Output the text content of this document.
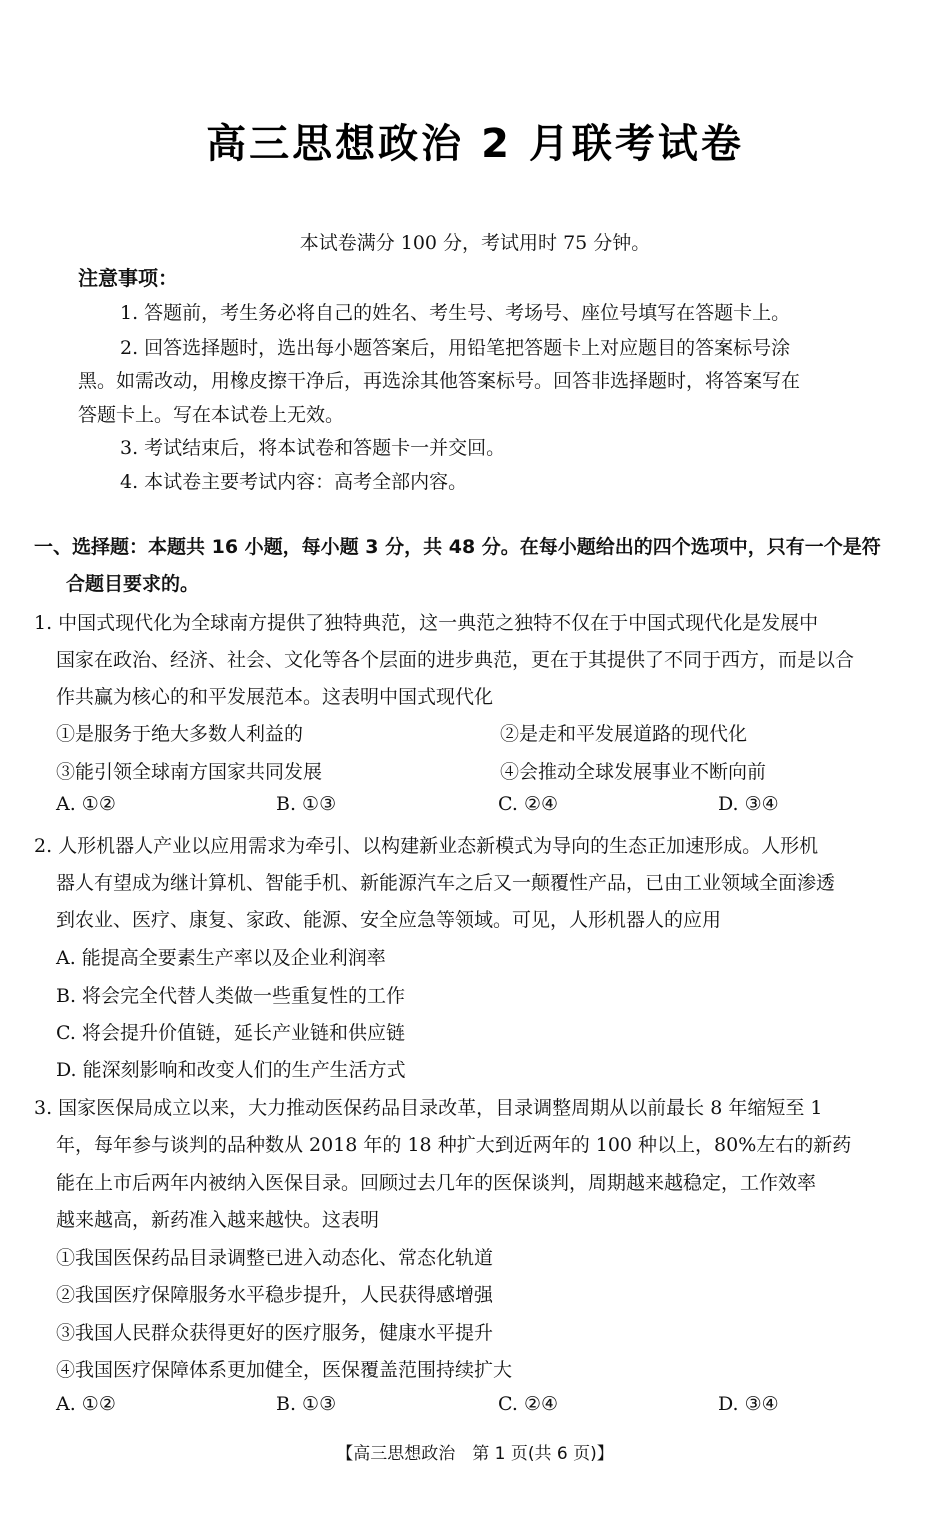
高三思想政治 2 月联考试卷
本试卷满分 100 分，考试用时 75 分钟。
注意事项：
1. 答题前，考生务必将自己的姓名、考生号、考场号、座位号填写在答题卡上。
2. 回答选择题时，选出每小题答案后，用铅笔把答题卡上对应题目的答案标号涂
黑。如需改动，用橡皮擦干净后，再选涂其他答案标号。回答非选择题时，将答案写在
答题卡上。写在本试卷上无效。
3. 考试结束后，将本试卷和答题卡一并交回。
4. 本试卷主要考试内容：高考全部内容。
一、选择题：本题共 16 小题，每小题 3 分，共 48 分。在每小题给出的四个选项中，只有一个是符
合题目要求的。
1. 中国式现代化为全球南方提供了独特典范，这一典范之独特不仅在于中国式现代化是发展中
国家在政治、经济、社会、文化等各个层面的进步典范，更在于其提供了不同于西方，而是以合
作共赢为核心的和平发展范本。这表明中国式现代化
①是服务于绝大多数人利益的	②是走和平发展道路的现代化
③能引领全球南方国家共同发展	④会推动全球发展事业不断向前
A. ①②	B. ①③	C. ②④	D. ③④
2. 人形机器人产业以应用需求为牵引、以构建新业态新模式为导向的生态正加速形成。人形机
器人有望成为继计算机、智能手机、新能源汽车之后又一颠覆性产品，已由工业领域全面渗透
到农业、医疗、康复、家政、能源、安全应急等领域。可见，人形机器人的应用
A. 能提高全要素生产率以及企业利润率
B. 将会完全代替人类做一些重复性的工作
C. 将会提升价值链，延长产业链和供应链
D. 能深刻影响和改变人们的生产生活方式
3. 国家医保局成立以来，大力推动医保药品目录改革，目录调整周期从以前最长 8 年缩短至 1
年，每年参与谈判的品种数从 2018 年的 18 种扩大到近两年的 100 种以上，80%左右的新药
能在上市后两年内被纳入医保目录。回顾过去几年的医保谈判，周期越来越稳定，工作效率
越来越高，新药准入越来越快。这表明
①我国医保药品目录调整已进入动态化、常态化轨道
②我国医疗保障服务水平稳步提升，人民获得感增强
③我国人民群众获得更好的医疗服务，健康水平提升
④我国医疗保障体系更加健全，医保覆盖范围持续扩大
A. ①②	B. ①③	C. ②④	D. ③④
【高三思想政治　第 1 页(共 6 页)】
